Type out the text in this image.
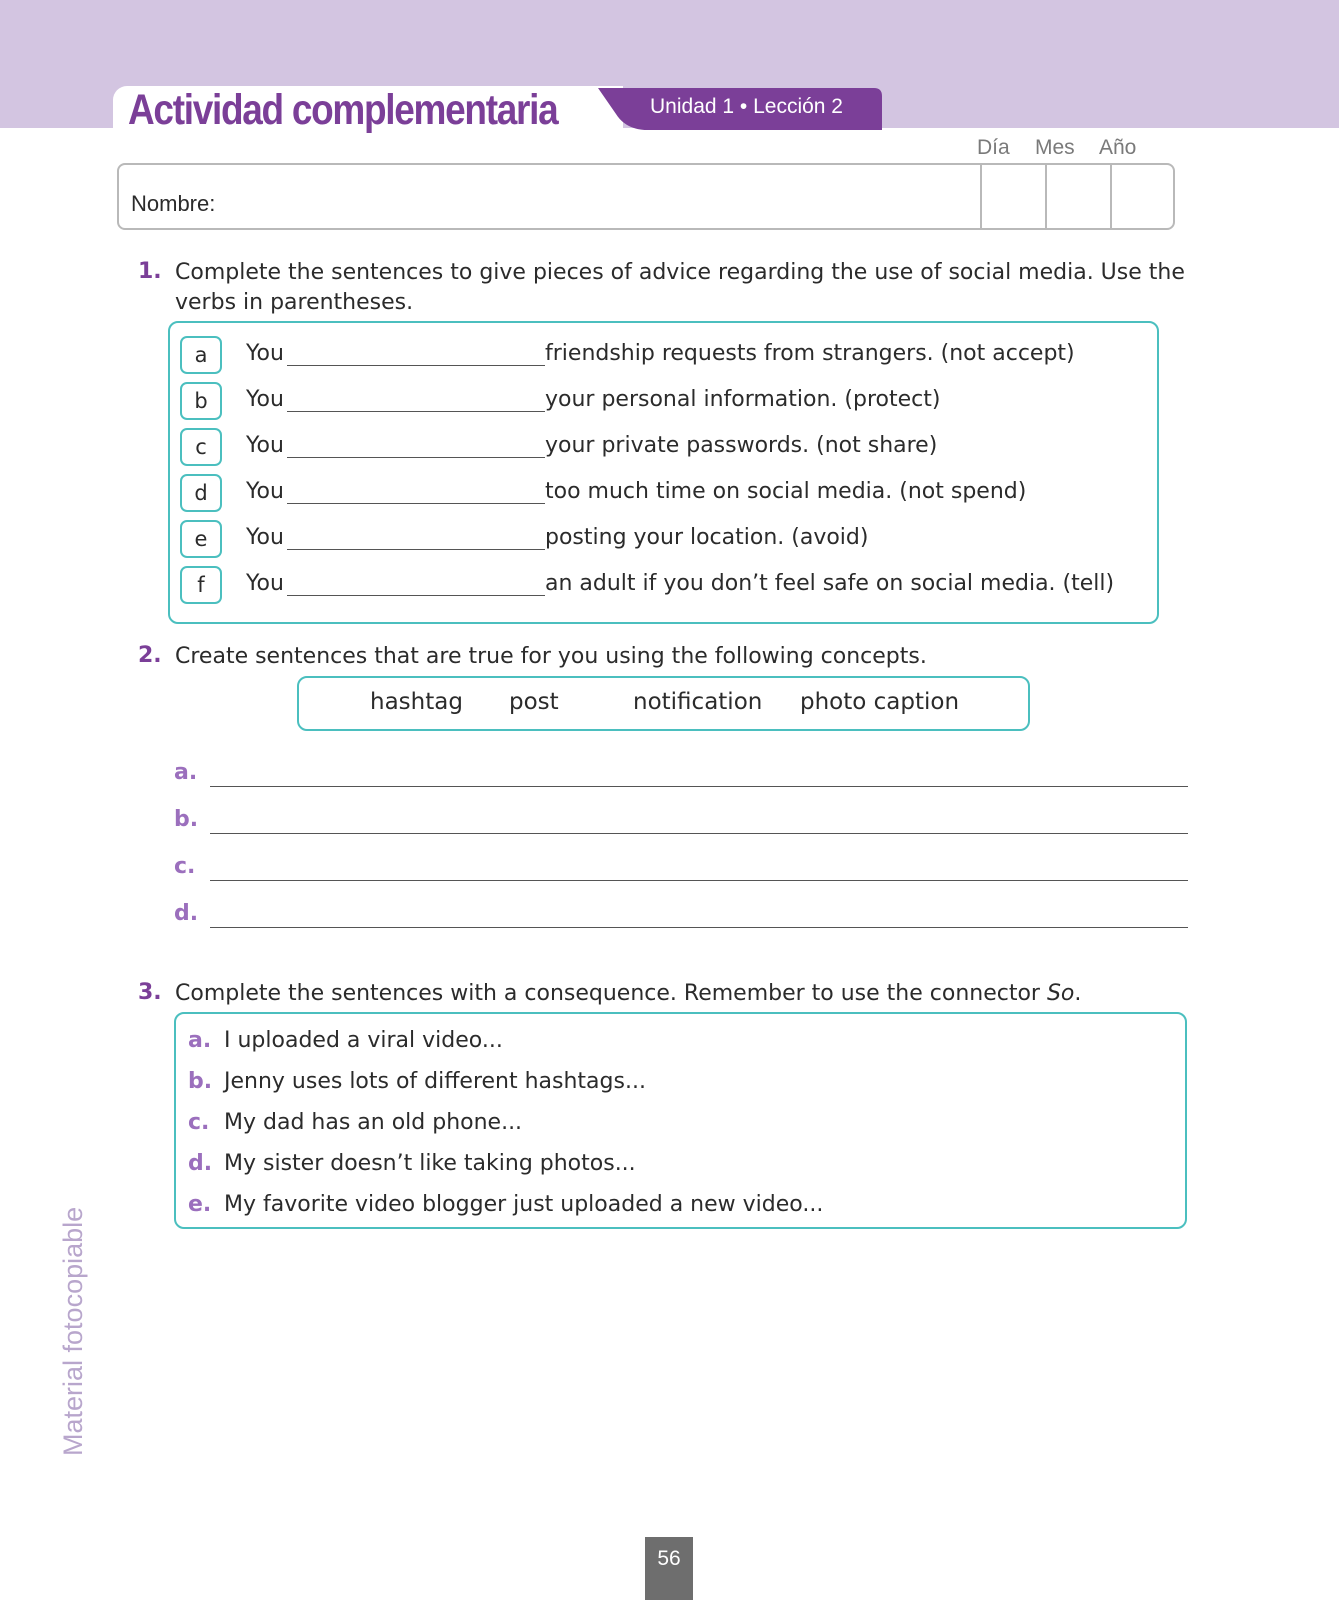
Actividad complementaria	Unidad 1 • Lección 2
Día Mes Año
Nombre:
1. Complete the sentences to give pieces of advice regarding the use of social media. Use the verbs in parentheses.

a	You	friendship requests from strangers. (not accept)
b	You	your personal information. (protect)
c	You	your private passwords. (not share)
d	You	too much time on social media. (not spend)
e	You	posting your location. (avoid)
f	You	an adult if you don’t feel safe on social media. (tell)
2. Create sentences that are true for you using the following concepts.

hashtag post	notification photo caption
a.
b.
c.
d.
3. Complete the sentences with a consequence. Remember to use the connector So.

a. I uploaded a viral video...
b. Jenny uses lots of different hashtags...
c. My dad has an old phone...
d. My sister doesn’t like taking photos...
e. My favorite video blogger just uploaded a new video...
Material fotocopiable
56
